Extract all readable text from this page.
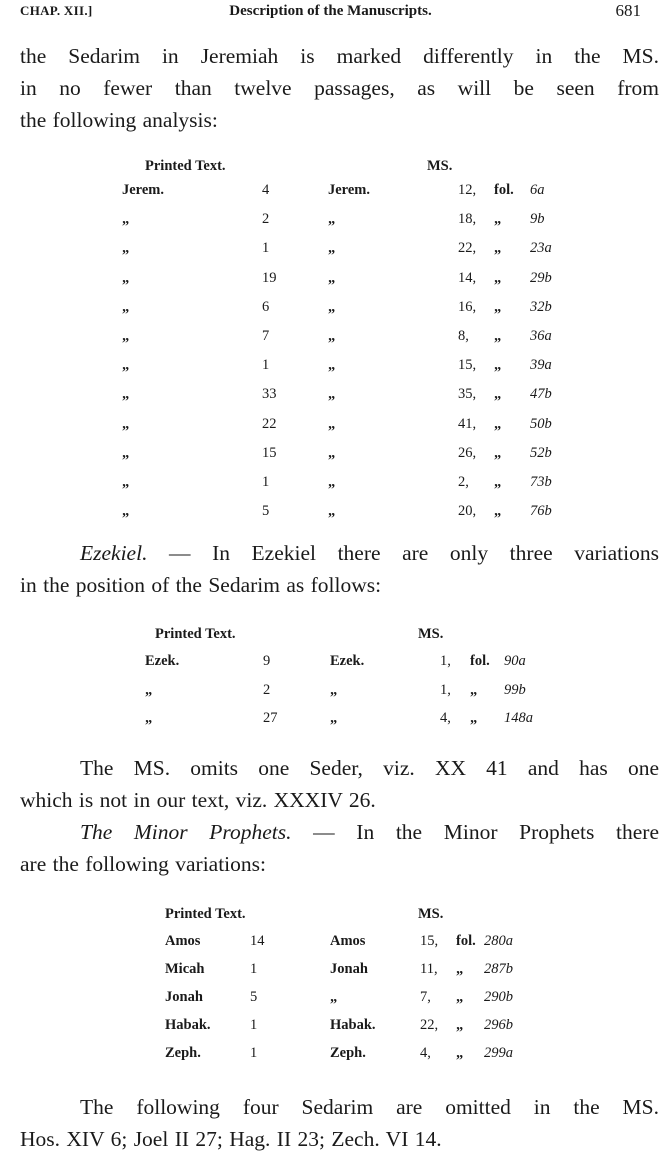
CHAP. XII.]	Description of the Manuscripts.	681
the Sedarim in Jeremiah is marked differently in the MS.
in no fewer than twelve passages, as will be seen from
the following analysis:
Printed Text.	MS.
Jerem.	4	Jerem.	12, fol. 6a
„	2	„	18, „ 9b
„	1	„	22, „ 23a
„	19	„	14, „ 29b
„	6	„	16, „ 32b
„	7	„	8, „ 36a
„	1	„	15, „ 39a
„	33	„	35, „ 47b
„	22	„	41, „ 50b
„	15	„	26, „ 52b
„	1	„	2, „ 73b
„	5	„	20, „ 76b
Ezekiel. — In Ezekiel there are only three variations
in the position of the Sedarim as follows:
Printed Text.	MS.
Ezek.	9	Ezek.	1, fol. 90a
„	2	„	1, „ 99b
„	27	„	4, „ 148a
The MS. omits one Seder, viz. XX 41 and has one
which is not in our text, viz. XXXIV 26.
The Minor Prophets. — In the Minor Prophets there
are the following variations:
Printed Text.	MS.
Amos	14	Amos	15, fol. 280a
Micah	1	Jonah	11, „ 287b
Jonah	5	„	7, „ 290b
Habak.	1	Habak.	22, „ 296b
Zeph.	1	Zeph.	4, „ 299a
The following four Sedarim are omitted in the MS.
Hos. XIV 6; Joel II 27; Hag. II 23; Zech. VI 14.
